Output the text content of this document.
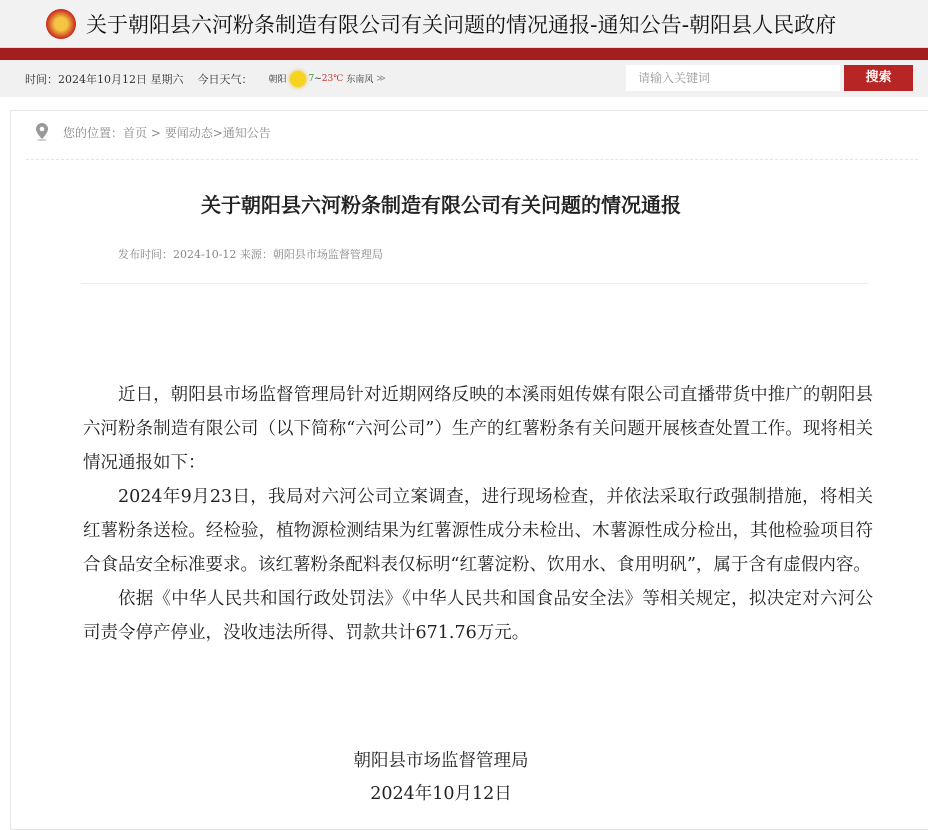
关于朝阳县六河粉条制造有限公司有关问题的情况通报-通知公告-朝阳县人民政府
时间：2024年10月12日 星期六 今日天气： 朝阳 7 ~ 23℃ 东南风 ≫	请输入关键词	搜索
您的位置： 首页 > 要闻动态>通知公告
关于朝阳县六河粉条制造有限公司有关问题的情况通报
发布时间：2024-10-12 来源：朝阳县市场监督管理局

近日，朝阳县市场监督管理局针对近期网络反映的本溪雨姐传媒有限公司直播带货中推广的朝阳县六河粉条制造有限公司（以下简称“六河公司”）生产的红薯粉条有关问题开展核查处置工作。现将相关情况通报如下：

2024年9月23日，我局对六河公司立案调查，进行现场检查，并依法采取行政强制措施，将相关红薯粉条送检。经检验，植物源检测结果为红薯源性成分未检出、木薯源性成分检出，其他检验项目符合食品安全标准要求。该红薯粉条配料表仅标明“红薯淀粉、饮用水、食用明矾”，属于含有虚假内容。

依据《中华人民共和国行政处罚法》《中华人民共和国食品安全法》等相关规定，拟决定对六河公司责令停产停业，没收违法所得、罚款共计671.76万元。

朝阳县市场监督管理局
2024年10月12日
